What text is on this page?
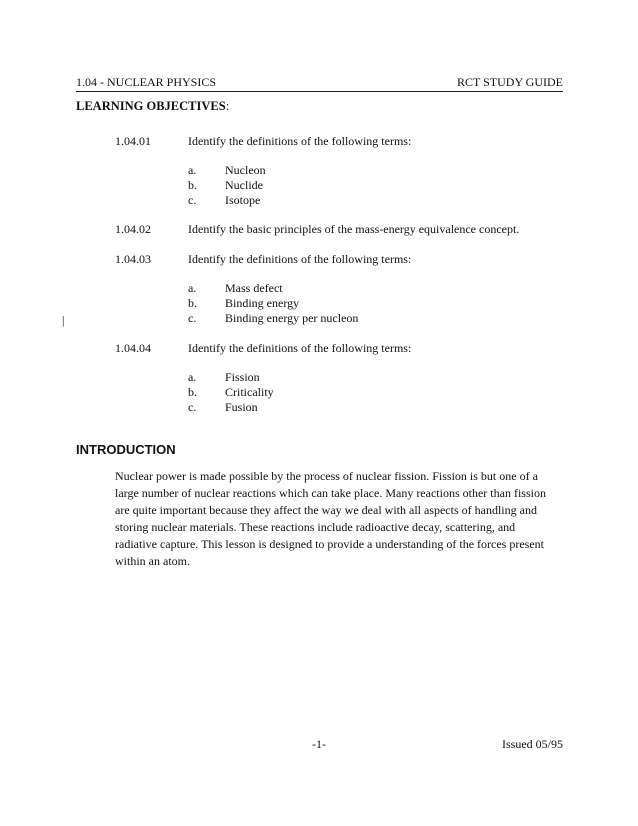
1.04 - NUCLEAR PHYSICS	RCT STUDY GUIDE
LEARNING OBJECTIVES:
1.04.01	Identify the definitions of the following terms:
a. Nucleon
b. Nuclide
c. Isotope
1.04.02	Identify the basic principles of the mass-energy equivalence concept.
1.04.03	Identify the definitions of the following terms:
a. Mass defect
b. Binding energy
|	c. Binding energy per nucleon
1.04.04	Identify the definitions of the following terms:
a. Fission
b. Criticality
c. Fusion
INTRODUCTION
Nuclear power is made possible by the process of nuclear fission. Fission is but one of a
large number of nuclear reactions which can take place. Many reactions other than fission
are quite important because they affect the way we deal with all aspects of handling and
storing nuclear materials. These reactions include radioactive decay, scattering, and
radiative capture. This lesson is designed to provide a understanding of the forces present
within an atom.
-1-	Issued 05/95
